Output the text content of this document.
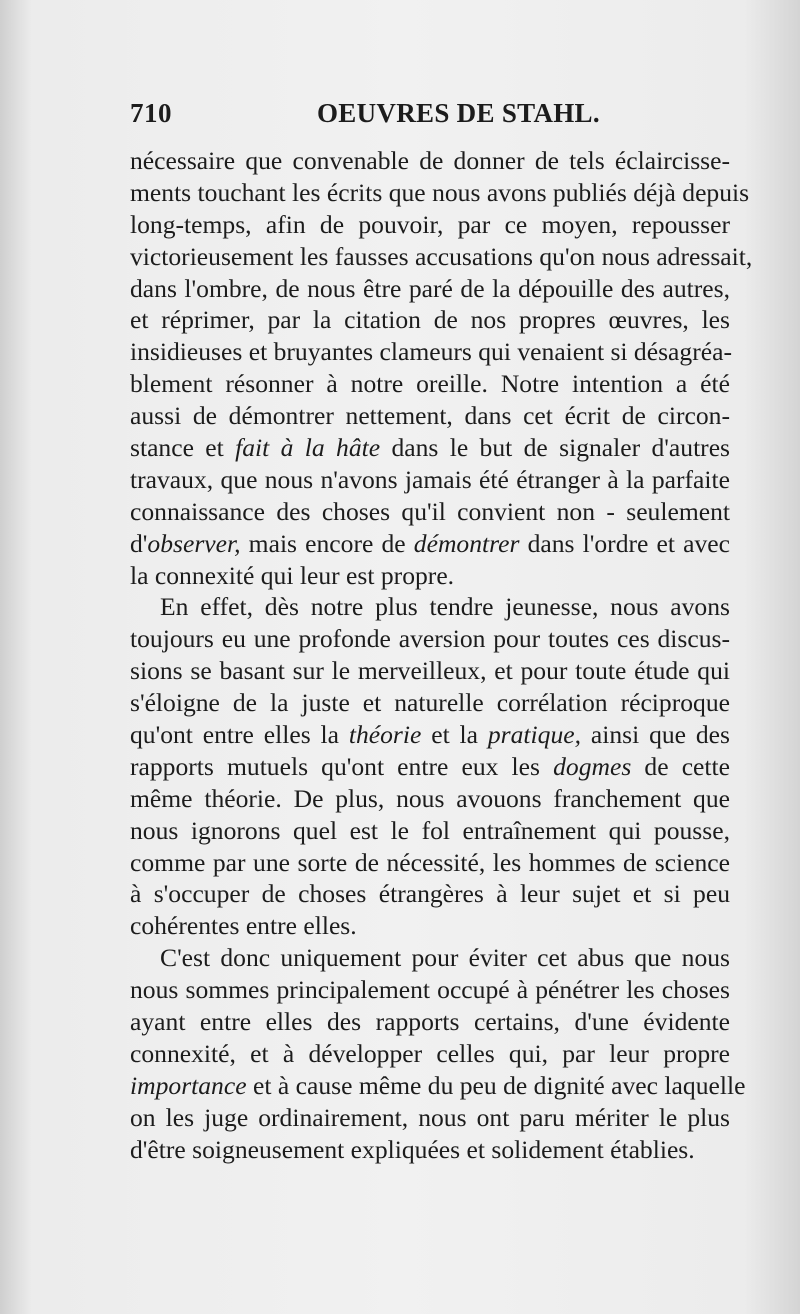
710	OEUVRES DE STAHL.
nécessaire que convenable de donner de tels éclaircisse-
ments touchant les écrits que nous avons publiés déjà depuis
long-temps, afin de pouvoir, par ce moyen, repousser
victorieusement les fausses accusations qu'on nous adressait,
dans l'ombre, de nous être paré de la dépouille des autres,
et réprimer, par la citation de nos propres œuvres, les
insidieuses et bruyantes clameurs qui venaient si désagréa-
blement résonner à notre oreille. Notre intention a été
aussi de démontrer nettement, dans cet écrit de circon-
stance et fait à la hâte dans le but de signaler d'autres
travaux, que nous n'avons jamais été étranger à la parfaite
connaissance des choses qu'il convient non - seulement
d'observer, mais encore de démontrer dans l'ordre et avec
la connexité qui leur est propre.
En effet, dès notre plus tendre jeunesse, nous avons
toujours eu une profonde aversion pour toutes ces discus-
sions se basant sur le merveilleux, et pour toute étude qui
s'éloigne de la juste et naturelle corrélation réciproque
qu'ont entre elles la théorie et la pratique, ainsi que des
rapports mutuels qu'ont entre eux les dogmes de cette
même théorie. De plus, nous avouons franchement que
nous ignorons quel est le fol entraînement qui pousse,
comme par une sorte de nécessité, les hommes de science
à s'occuper de choses étrangères à leur sujet et si peu
cohérentes entre elles.
C'est donc uniquement pour éviter cet abus que nous
nous sommes principalement occupé à pénétrer les choses
ayant entre elles des rapports certains, d'une évidente
connexité, et à développer celles qui, par leur propre
importance et à cause même du peu de dignité avec laquelle
on les juge ordinairement, nous ont paru mériter le plus
d'être soigneusement expliquées et solidement établies.
